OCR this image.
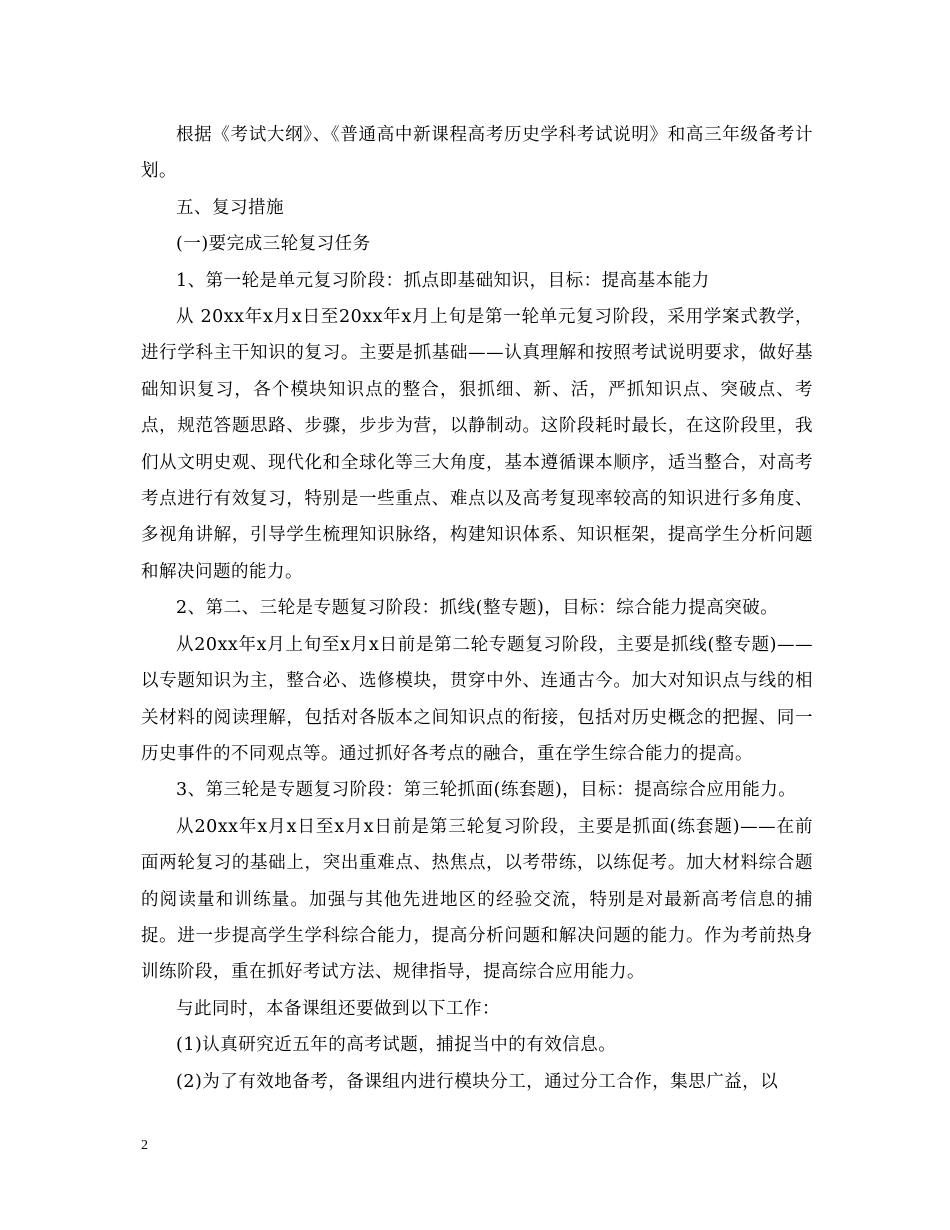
根据《考试大纲》、《普通高中新课程高考历史学科考试说明》和高三年级备考计划。

五、复习措施

(一)要完成三轮复习任务

1、第一轮是单元复习阶段：抓点即基础知识，目标：提高基本能力

从 20xx年x月x日至20xx年x月上旬是第一轮单元复习阶段，采用学案式教学，进行学科主干知识的复习。主要是抓基础——认真理解和按照考试说明要求，做好基础知识复习，各个模块知识点的整合，狠抓细、新、活，严抓知识点、突破点、考点，规范答题思路、步骤，步步为营，以静制动。这阶段耗时最长，在这阶段里，我们从文明史观、现代化和全球化等三大角度，基本遵循课本顺序，适当整合，对高考考点进行有效复习，特别是一些重点、难点以及高考复现率较高的知识进行多角度、多视角讲解，引导学生梳理知识脉络，构建知识体系、知识框架，提高学生分析问题和解决问题的能力。

2、第二、三轮是专题复习阶段：抓线(整专题)，目标：综合能力提高突破。

从20xx年x月上旬至x月x日前是第二轮专题复习阶段，主要是抓线(整专题)——以专题知识为主，整合必、选修模块，贯穿中外、连通古今。加大对知识点与线的相关材料的阅读理解，包括对各版本之间知识点的衔接，包括对历史概念的把握、同一历史事件的不同观点等。通过抓好各考点的融合，重在学生综合能力的提高。

3、第三轮是专题复习阶段：第三轮抓面(练套题)，目标：提高综合应用能力。

从20xx年x月x日至x月x日前是第三轮复习阶段，主要是抓面(练套题)——在前面两轮复习的基础上，突出重难点、热焦点，以考带练，以练促考。加大材料综合题的阅读量和训练量。加强与其他先进地区的经验交流，特别是对最新高考信息的捕捉。进一步提高学生学科综合能力，提高分析问题和解决问题的能力。作为考前热身训练阶段，重在抓好考试方法、规律指导，提高综合应用能力。

与此同时，本备课组还要做到以下工作：

(1)认真研究近五年的高考试题，捕捉当中的有效信息。

(2)为了有效地备考，备课组内进行模块分工，通过分工合作，集思广益，以

2
